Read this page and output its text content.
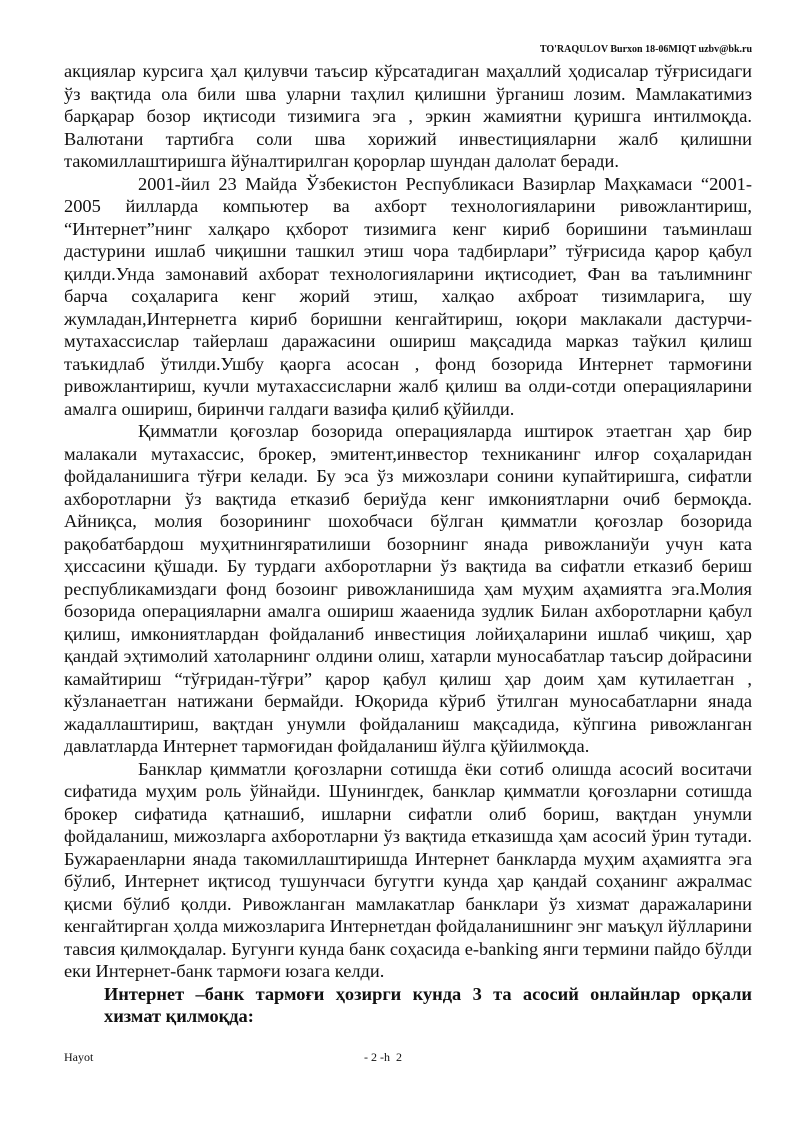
TO'RAQULOV Burxon 18-06MIQT uzbv@bk.ru

акциялар курсига ҳал қилувчи таъсир кўрсатадиган маҳаллий ҳодисалар тўғрисидаги ўз вақтида ола били шва уларни таҳлил қилишни ўрганиш лозим. Мамлакатимиз барқарар бозор иқтисоди тизимига эга , эркин жамиятни қуришга интилмоқда. Валютани тартибга соли шва хорижий инвестицияларни жалб қилишни такомиллаштиришга йўналтирилган қорорлар шундан далолат беради.

2001-йил 23 Майда Ўзбекистон Республикаси Вазирлар Маҳкамаси “2001-2005 йилларда компьютер ва ахборт технологияларини ривожлантириш, “Интернет”нинг халқаро қхборот тизимига кенг кириб боришини таъминлаш дастурини ишлаб чиқишни ташкил этиш чора тадбирлари” тўғрисида қарор қабул қилди.Унда замонавий ахборат технологияларини иқтисодиет, Фан ва таълимнинг барча соҳаларига кенг жорий этиш, халқао ахброат тизимларига, шу жумладан,Интернетга кириб боришни кенгайтириш, юқори маклакали дастурчи-мутахассислар тайерлаш даражасини ошириш мақсадида марказ таўкил қилиш таъкидлаб ўтилди.Ушбу қаорга асосан , фонд бозорида Интернет тармоғини ривожлантириш, кучли мутахассисларни жалб қилиш ва олди-сотди операцияларини амалга ошириш, биринчи галдаги вазифа қилиб қўйилди.

Қимматли қоғозлар бозорида операцияларда иштирок этаетган ҳар бир малакали мутахассис, брокер, эмитент,инвестор техниканинг илғор соҳаларидан фойдаланишига тўғри келади. Бу эса ўз мижозлари сонини купайтиришга, сифатли ахборотларни ўз вақтида етказиб бериўда кенг имкониятларни очиб бермоқда. Айниқса, молия бозорининг шохобчаси бўлган қимматли қоғозлар бозорида рақобатбардош муҳитнингяратилиши бозорнинг янада ривожланиўи учун ката ҳиссасини қўшади. Бу турдаги ахборотларни ўз вақтида ва сифатли етказиб бериш республикамиздаги фонд бозоинг ривожланишида ҳам муҳим аҳамиятга эга.Молия бозорида операцияларни амалга ошириш жааенида зудлик Билан ахборотларни қабул қилиш, имкониятлардан фойдаланиб инвестиция лойиҳаларини ишлаб чиқиш, ҳар қандай эҳтимолий хатоларнинг олдини олиш, хатарли муносабатлар таъсир дойрасини камайтириш “тўғридан-тўғри” қарор қабул қилиш ҳар доим ҳам кутилаетган , кўзланаетган натижани бермайди. Юқорида кўриб ўтилган муносабатларни янада жадаллаштириш, вақтдан унумли фойдаланиш мақсадида, кўпгина ривожланган давлатларда Интернет тармоғидан фойдаланиш йўлга қўйилмоқда.

Банклар қимматли қоғозларни сотишда ёки сотиб олишда асосий воситачи сифатида муҳим роль ўйнайди. Шунингдек, банклар қимматли қоғозларни сотишда брокер сифатида қатнашиб, ишларни сифатли олиб бориш, вақтдан унумли фойдаланиш, мижозларга ахборотларни ўз вақтида етказишда ҳам асосий ўрин тутади. Бужараенларни янада такомиллаштиришда Интернет банкларда муҳим аҳамиятга эга бўлиб, Интернет иқтисод тушунчаси бугутги кунда ҳар қандай соҳанинг ажралмас қисми бўлиб қолди. Ривожланган мамлакатлар банклари ўз хизмат даражаларини кенгайтирган ҳолда мижозларига Интернетдан фойдаланишнинг энг маъқул йўлларини тавсия қилмоқдалар. Бугунги кунда банк соҳасида e-banking янги термини пайдо бўлди еки Интернет-банк тармоғи юзага келди.

Интернет –банк тармоғи ҳозирги кунда 3 та асосий онлайнлар орқали хизмат қилмоқда:

Hayot	- 2 -h  2
